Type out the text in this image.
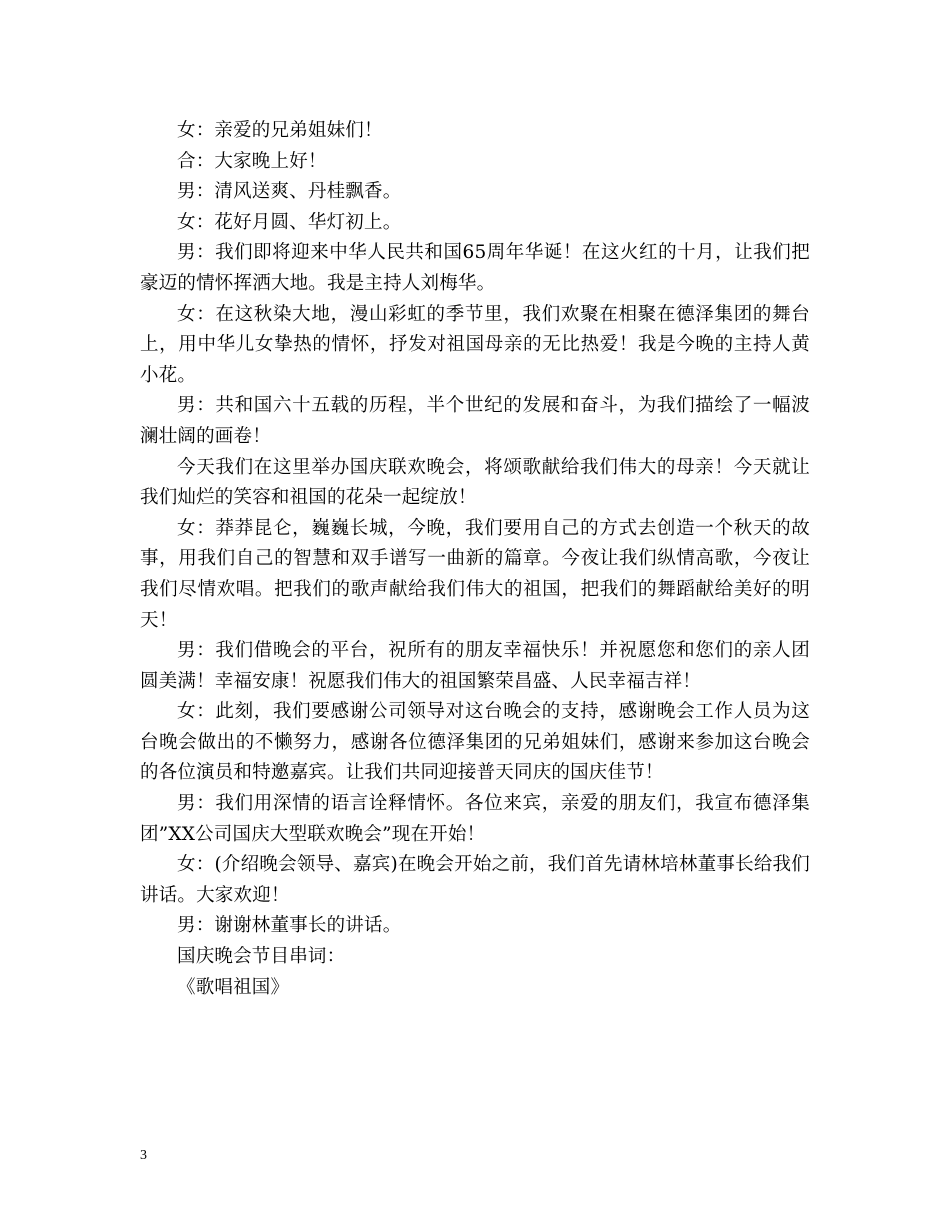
女：亲爱的兄弟姐妹们！

合：大家晚上好！

男：清风送爽、丹桂飘香。

女：花好月圆、华灯初上。

男：我们即将迎来中华人民共和国65周年华诞！在这火红的十月，让我们把豪迈的情怀挥洒大地。我是主持人刘梅华。

女：在这秋染大地，漫山彩虹的季节里，我们欢聚在相聚在德泽集团的舞台上，用中华儿女挚热的情怀，抒发对祖国母亲的无比热爱！我是今晚的主持人黄小花。

男：共和国六十五载的历程，半个世纪的发展和奋斗，为我们描绘了一幅波澜壮阔的画卷！

今天我们在这里举办国庆联欢晚会，将颂歌献给我们伟大的母亲！今天就让我们灿烂的笑容和祖国的花朵一起绽放！

女：莽莽昆仑，巍巍长城，今晚，我们要用自己的方式去创造一个秋天的故事，用我们自己的智慧和双手谱写一曲新的篇章。今夜让我们纵情高歌，今夜让我们尽情欢唱。把我们的歌声献给我们伟大的祖国，把我们的舞蹈献给美好的明天！

男：我们借晚会的平台，祝所有的朋友幸福快乐！并祝愿您和您们的亲人团圆美满！幸福安康！祝愿我们伟大的祖国繁荣昌盛、人民幸福吉祥！

女：此刻，我们要感谢公司领导对这台晚会的支持，感谢晚会工作人员为这台晚会做出的不懒努力，感谢各位德泽集团的兄弟姐妹们，感谢来参加这台晚会的各位演员和特邀嘉宾。让我们共同迎接普天同庆的国庆佳节！

男：我们用深情的语言诠释情怀。各位来宾，亲爱的朋友们，我宣布德泽集团”XX公司国庆大型联欢晚会”现在开始！

女：(介绍晚会领导、嘉宾)在晚会开始之前，我们首先请林培林董事长给我们讲话。大家欢迎！

男：谢谢林董事长的讲话。

国庆晚会节目串词：

《歌唱祖国》

3
